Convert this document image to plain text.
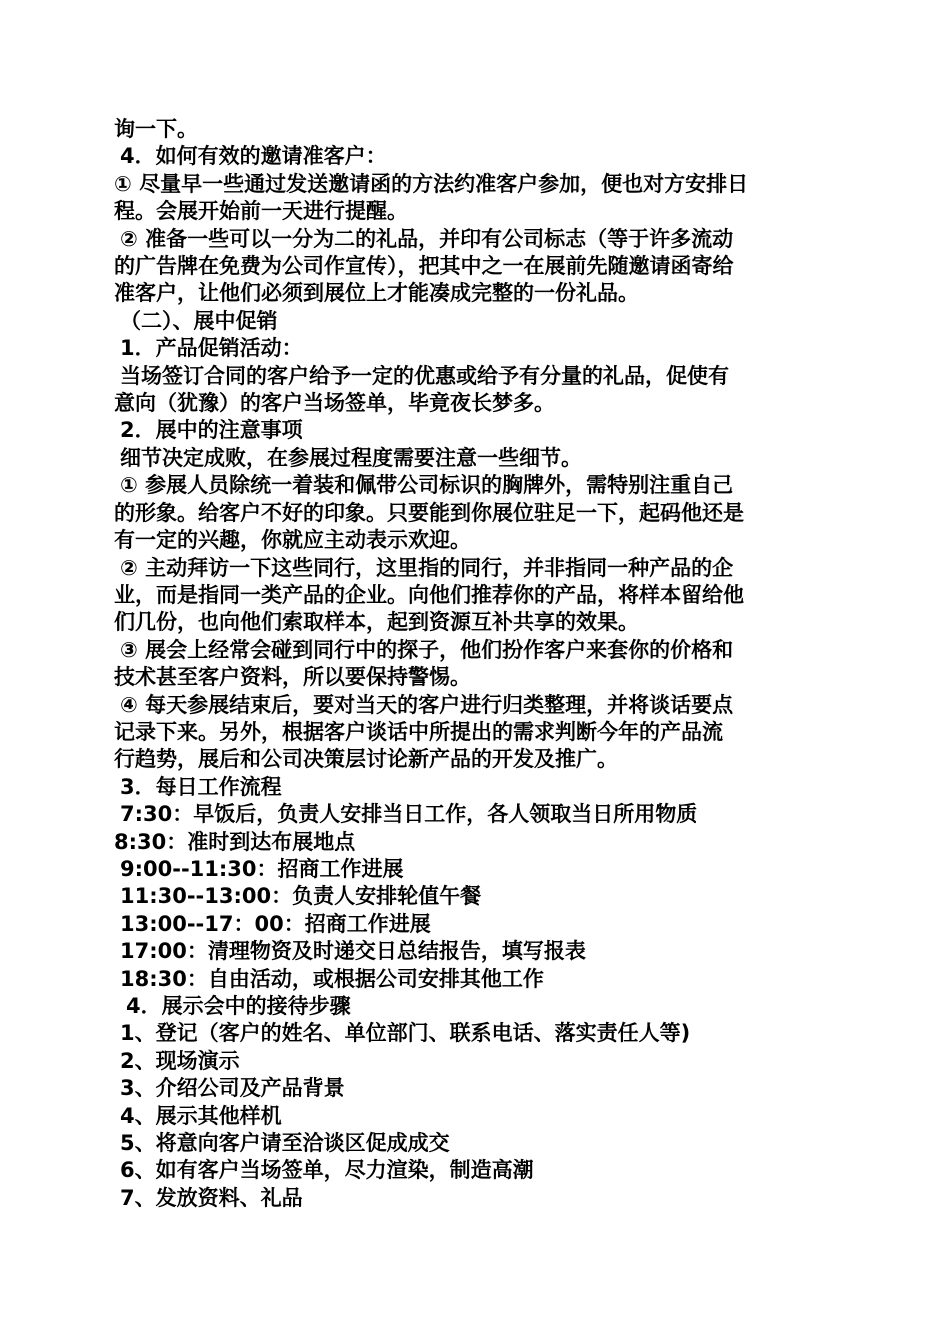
询一下。
4．如何有效的邀请准客户：
① 尽量早一些通过发送邀请函的方法约准客户参加，便也对方安排日
程。会展开始前一天进行提醒。
② 准备一些可以一分为二的礼品，并印有公司标志（等于许多流动
的广告牌在免费为公司作宣传），把其中之一在展前先随邀请函寄给
准客户，让他们必须到展位上才能凑成完整的一份礼品。
（二）、展中促销
1．产品促销活动：
当场签订合同的客户给予一定的优惠或给予有分量的礼品，促使有
意向（犹豫）的客户当场签单，毕竟夜长梦多。
2．展中的注意事项
细节决定成败，在参展过程度需要注意一些细节。
① 参展人员除统一着装和佩带公司标识的胸牌外，需特别注重自己
的形象。给客户不好的印象。只要能到你展位驻足一下，起码他还是
有一定的兴趣，你就应主动表示欢迎。
② 主动拜访一下这些同行，这里指的同行，并非指同一种产品的企
业，而是指同一类产品的企业。向他们推荐你的产品，将样本留给他
们几份，也向他们索取样本，起到资源互补共享的效果。
③ 展会上经常会碰到同行中的探子，他们扮作客户来套你的价格和
技术甚至客户资料，所以要保持警惕。
④ 每天参展结束后，要对当天的客户进行归类整理，并将谈话要点
记录下来。另外，根据客户谈话中所提出的需求判断今年的产品流
行趋势，展后和公司决策层讨论新产品的开发及推广。
3．每日工作流程
7:30：早饭后，负责人安排当日工作，各人领取当日所用物质
8:30：准时到达布展地点
9:00--11:30：招商工作进展
11:30--13:00：负责人安排轮值午餐
13:00--17：00：招商工作进展
17:00：清理物资及时递交日总结报告，填写报表
18:30：自由活动，或根据公司安排其他工作
4．展示会中的接待步骤
1、登记（客户的姓名、单位部门、联系电话、落实责任人等)
2、现场演示
3、介绍公司及产品背景
4、展示其他样机
5、将意向客户请至洽谈区促成成交
6、如有客户当场签单，尽力渲染，制造高潮
7、发放资料、礼品
